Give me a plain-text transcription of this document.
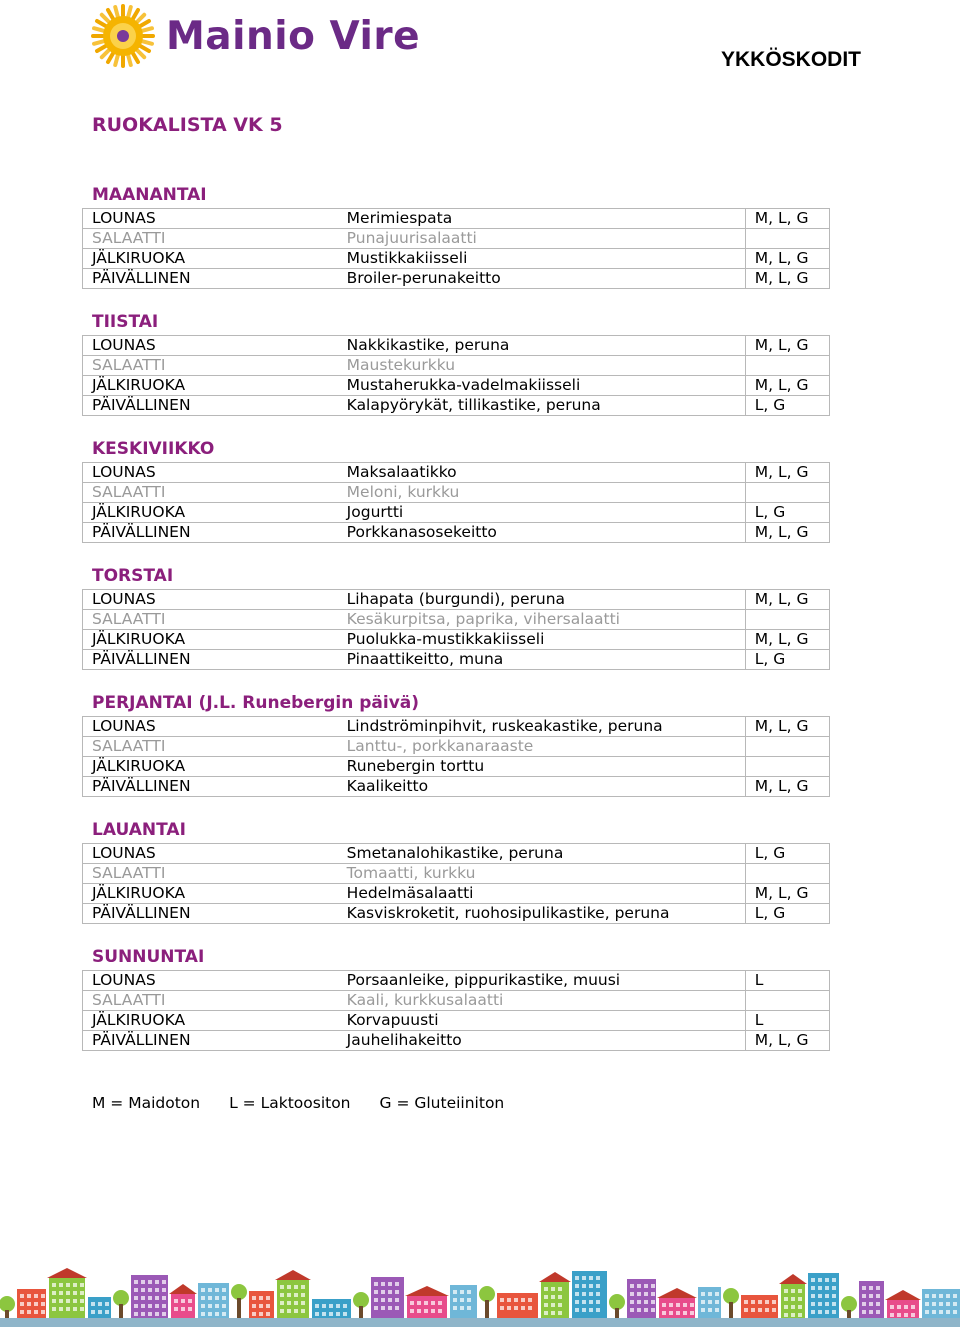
Mainio Vire
YKKÖSKODIT
RUOKALISTA VK 5
MAANANTAI
LOUNAS	Merimiespata	M, L, G
SALAATTI	Punajuurisalaatti	
JÄLKIRUOKA	Mustikkakiisseli	M, L, G
PÄIVÄLLINEN	Broiler-perunakeitto	M, L, G
TIISTAI
LOUNAS	Nakkikastike, peruna	M, L, G
SALAATTI	Maustekurkku	
JÄLKIRUOKA	Mustaherukka-vadelmakiisseli	M, L, G
PÄIVÄLLINEN	Kalapyörykät, tillikastike, peruna	L, G
KESKIVIIKKO
LOUNAS	Maksalaatikko	M, L, G
SALAATTI	Meloni, kurkku	
JÄLKIRUOKA	Jogurtti	L, G
PÄIVÄLLINEN	Porkkanasosekeitto	M, L, G
TORSTAI
LOUNAS	Lihapata (burgundi), peruna	M, L, G
SALAATTI	Kesäkurpitsa, paprika, vihersalaatti	
JÄLKIRUOKA	Puolukka-mustikkakiisseli	M, L, G
PÄIVÄLLINEN	Pinaattikeitto, muna	L, G
PERJANTAI (J.L. Runebergin päivä)
LOUNAS	Lindströminpihvit, ruskeakastike, peruna	M, L, G
SALAATTI	Lanttu-, porkkanaraaste	
JÄLKIRUOKA	Runebergin torttu	
PÄIVÄLLINEN	Kaalikeitto	M, L, G
LAUANTAI
LOUNAS	Smetanalohikastike, peruna	L, G
SALAATTI	Tomaatti, kurkku	
JÄLKIRUOKA	Hedelmäsalaatti	M, L, G
PÄIVÄLLINEN	Kasviskroketit, ruohosipulikastike, peruna	L, G
SUNNUNTAI
LOUNAS	Porsaanleike, pippurikastike, muusi	L
SALAATTI	Kaali, kurkkusalaatti	
JÄLKIRUOKA	Korvapuusti	L
PÄIVÄLLINEN	Jauhelihakeitto	M, L, G
M = Maidoton L = Laktoositon G = Gluteiiniton
